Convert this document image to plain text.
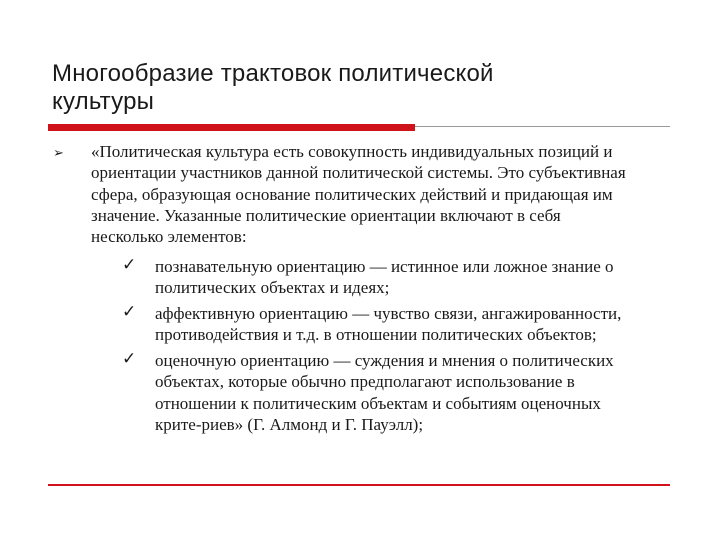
Многообразие трактовок политической
культуры
➢ «Политическая культура есть совокупность индивидуальных позиций и
ориентации участников данной политической системы. Это субъективная
сфера, образующая основание политических действий и придающая им
значение. Указанные политические ориентации включают в себя
несколько элементов:
✓ познавательную ориентацию — истинное или ложное знание о
политических объектах и идеях;
✓ аффективную ориентацию — чувство связи, ангажированности,
противодействия и т.д. в отношении политических объектов;
✓ оценочную ориентацию — суждения и мнения о политических
объектах, которые обычно предполагают использование в
отношении к политическим объектам и событиям оценочных
крите-риев» (Г. Алмонд и Г. Пауэлл);
